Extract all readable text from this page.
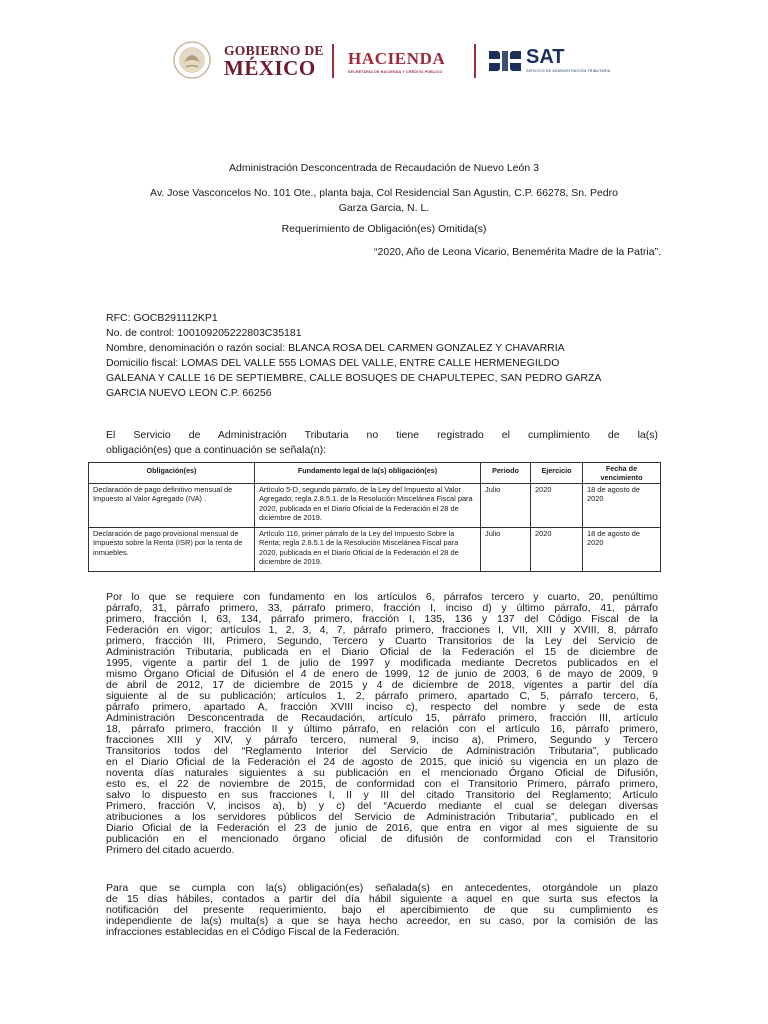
GOBIERNO DE
MÉXICO HACIENDA
SECRETARÍA DE HACIENDA Y CRÉDITO PÚBLICO
SAT
SERVICIO DE ADMINISTRACIÓN TRIBUTARIA
Administración Desconcentrada de Recaudación de Nuevo León 3
Av. Jose Vasconcelos No. 101 Ote., planta baja, Col Residencial San Agustin, C.P. 66278, Sn. Pedro
Garza Garcia, N. L.
Requerimiento de Obligación(es) Omitida(s)
“2020, Año de Leona Vicario, Benemérita Madre de la Patria”.
RFC: GOCB291112KP1
No. de control: 100109205222803C35181
Nombre, denominación o razón social: BLANCA ROSA DEL CARMEN GONZALEZ Y CHAVARRIA
Domicilio fiscal: LOMAS DEL VALLE 555 LOMAS DEL VALLE, ENTRE CALLE HERMENEGILDO
GALEANA Y CALLE 16 DE SEPTIEMBRE, CALLE BOSUQES DE CHAPULTEPEC, SAN PEDRO GARZA
GARCIA NUEVO LEON C.P. 66256
El Servicio de Administración Tributaria no tiene registrado el cumplimiento de la(s)
obligación(es) que a continuación se señala(n):
Obligación(es)	Fundamento legal de la(s) obligación(es)	Periodo	Ejercicio	Fecha de
vencimiento
Declaración de pago definitivo mensual de Impuesto al Valor Agregado (IVA) .	Artículo 5-D, segundo párrafo, de la Ley del Impuesto al Valor Agregado; regla 2.8.5.1. de la Resolución Miscelánea Fiscal para 2020, publicada en el Diario Oficial de la Federación el 28 de diciembre de 2019.	Julio	2020	18 de agosto de 2020
Declaración de pago provisional mensual de Impuesto sobre la Renta (ISR) por la renta de inmuebles.	Artículo 116, primer párrafo de la Ley del Impuesto Sobre la Renta; regla 2.8.5.1 de la Resolución Miscelánea Fiscal para 2020, publicada en el Diario Oficial de la Federación el 28 de diciembre de 2019.	Julio	2020	18 de agosto de 2020
Por lo que se requiere con fundamento en los artículos 6, párrafos tercero y cuarto, 20, penúltimo
párrafo, 31, párrafo primero, 33, párrafo primero, fracción I, inciso d) y último párrafo, 41, párrafo
primero, fracción I, 63, 134, párrafo primero, fracción I, 135, 136 y 137 del Código Fiscal de la
Federación en vigor; artículos 1, 2, 3, 4, 7, párrafo primero, fracciones I, VII, XIII y XVIII, 8, párrafo
primero, fracción III, Primero, Segundo, Tercero y Cuarto Transitorios de la Ley del Servicio de
Administración Tributaria, publicada en el Diario Oficial de la Federación el 15 de diciembre de
1995, vigente a partir del 1 de julio de 1997 y modificada mediante Decretos publicados en el
mismo Órgano Oficial de Difusión el 4 de enero de 1999, 12 de junio de 2003, 6 de mayo de 2009, 9
de abril de 2012, 17 de diciembre de 2015 y 4 de diciembre de 2018, vigentes a partir del día
siguiente al de su publicación; artículos 1, 2, párrafo primero, apartado C, 5, párrafo tercero, 6,
párrafo primero, apartado A, fracción XVIII inciso c), respecto del nombre y sede de esta
Administración Desconcentrada de Recaudación, artículo 15, párrafo primero, fracción III, artículo
18, párrafo primero, fracción II y último párrafo, en relación con el artículo 16, párrafo primero,
fracciones XIII y XIV, y párrafo tercero, numeral 9, inciso a), Primero, Segundo y Tercero
Transitorios todos del “Reglamento Interior del Servicio de Administración Tributaria”, publicado
en el Diario Oficial de la Federación el 24 de agosto de 2015, que inició su vigencia en un plazo de
noventa días naturales siguientes a su publicación en el mencionado Órgano Oficial de Difusión,
esto es, el 22 de noviembre de 2015, de conformidad con el Transitorio Primero, párrafo primero,
salvo lo dispuesto en sus fracciones I, II y III del citado Transitorio del Reglamento; Artículo
Primero, fracción V, incisos a), b) y c) del “Acuerdo mediante el cual se delegan diversas
atribuciones a los servidores públicos del Servicio de Administración Tributaria”, publicado en el
Diario Oficial de la Federación el 23 de junio de 2016, que entra en vigor al mes siguiente de su
publicación en el mencionado órgano oficial de difusión de conformidad con el Transitorio
Primero del citado acuerdo.
Para que se cumpla con la(s) obligación(es) señalada(s) en antecedentes, otorgándole un plazo
de 15 días hábiles, contados a partir del día hábil siguiente a aquel en que surta sus efectos la
notificación del presente requerimiento, bajo el apercibimiento de que su cumplimiento es
independiente de la(s) multa(s) a que se haya hecho acreedor, en su caso, por la comisión de las
infracciones establecidas en el Código Fiscal de la Federación.
